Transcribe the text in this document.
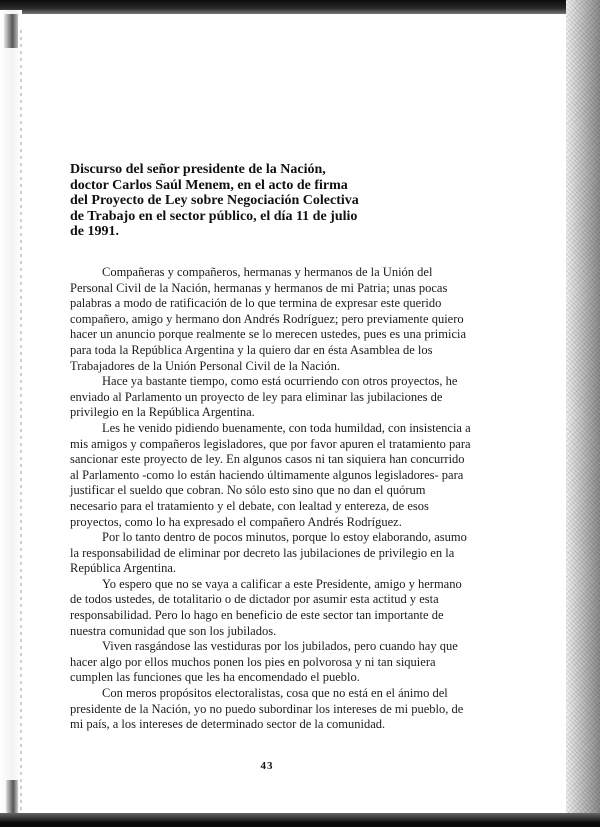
Discurso del señor presidente de la Nación,
doctor Carlos Saúl Menem, en el acto de firma
del Proyecto de Ley sobre Negociación Colectiva
de Trabajo en el sector público, el día 11 de julio
de 1991.
Compañeras y compañeros, hermanas y hermanos de la Unión del
Personal Civil de la Nación, hermanas y hermanos de mi Patria; unas pocas
palabras a modo de ratificación de lo que termina de expresar este querido
compañero, amigo y hermano don Andrés Rodríguez; pero previamente quiero
hacer un anuncio porque realmente se lo merecen ustedes, pues es una primicia
para toda la República Argentina y la quiero dar en ésta Asamblea de los
Trabajadores de la Unión Personal Civil de la Nación.
Hace ya bastante tiempo, como está ocurriendo con otros proyectos, he
enviado al Parlamento un proyecto de ley para eliminar las jubilaciones de
privilegio en la República Argentina.
Les he venido pidiendo buenamente, con toda humildad, con insistencia a
mis amigos y compañeros legisladores, que por favor apuren el tratamiento para
sancionar este proyecto de ley. En algunos casos ni tan siquiera han concurrido
al Parlamento -como lo están haciendo últimamente algunos legisladores- para
justificar el sueldo que cobran. No sólo esto sino que no dan el quórum
necesario para el tratamiento y el debate, con lealtad y entereza, de esos
proyectos, como lo ha expresado el compañero Andrés Rodríguez.
Por lo tanto dentro de pocos minutos, porque lo estoy elaborando, asumo
la responsabilidad de eliminar por decreto las jubilaciones de privilegio en la
República Argentina.
Yo espero que no se vaya a calificar a este Presidente, amigo y hermano
de todos ustedes, de totalitario o de dictador por asumir esta actitud y esta
responsabilidad. Pero lo hago en beneficio de este sector tan importante de
nuestra comunidad que son los jubilados.
Viven rasgándose las vestiduras por los jubilados, pero cuando hay que
hacer algo por ellos muchos ponen los pies en polvorosa y ni tan siquiera
cumplen las funciones que les ha encomendado el pueblo.
Con meros propósitos electoralistas, cosa que no está en el ánimo del
presidente de la Nación, yo no puedo subordinar los intereses de mi pueblo, de
mi país, a los intereses de determinado sector de la comunidad.
43
